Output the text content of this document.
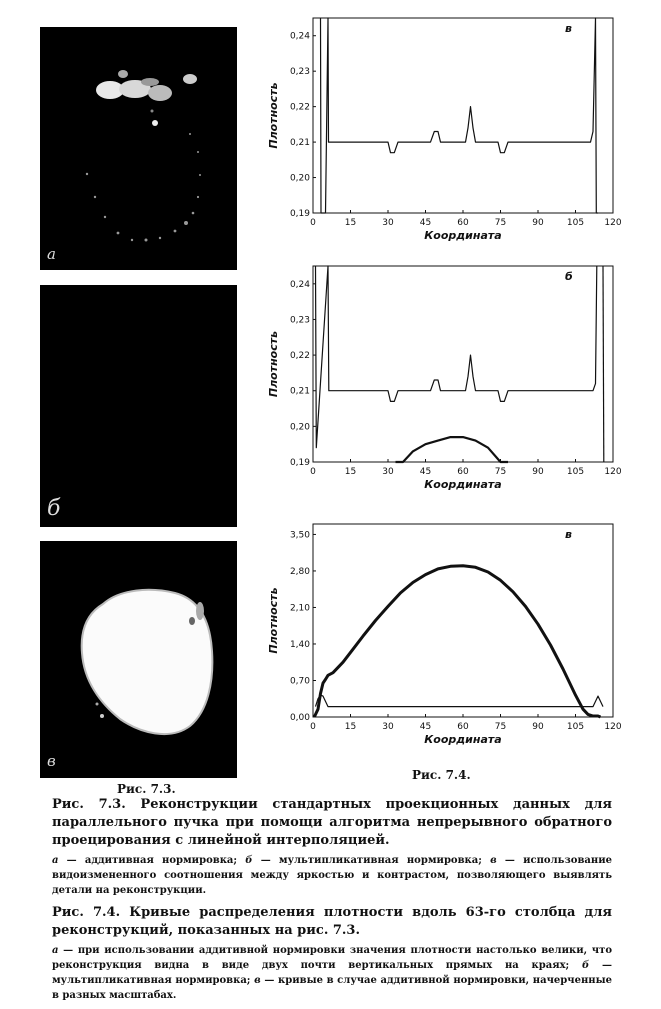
a
б
в
Рис. 7.3.
0	15	30	45	60	75	90	105 120
0,19
0,20
0,21
0,22
0,23
0,24
Координата
Плотность
в
0	15	30	45	60	75	90	105 120
0,19
0,20
0,21
0,22
0,23
0,24
Координата
Плотность
б
0	15	30	45	60	75	90	105 120
0,00
0,70
1,40
2,10
2,80
3,50
Координата
Плотность
в
Рис. 7.4.

Рис. 7.3. Реконструкции стандартных проекционных данных для параллельного пучка при помощи алгоритма непрерывного обратного проецирования с линейной интерполяцией.

а — аддитивная нормировка; б — мультипликативная нормировка; в — использование видоизмененного соотношения между яркостью и контрастом, позволяющего выявлять детали на реконструкции.

Рис. 7.4. Кривые распределения плотности вдоль 63-го столбца для реконструкций, показанных на рис. 7.3.

а — при использовании аддитивной нормировки значения плотности настолько велики, что реконструкция видна в виде двух почти вертикальных прямых на краях; б — мультипликативная нормировка; в — кривые в случае аддитивной нормировки, начерченные в разных масштабах.
